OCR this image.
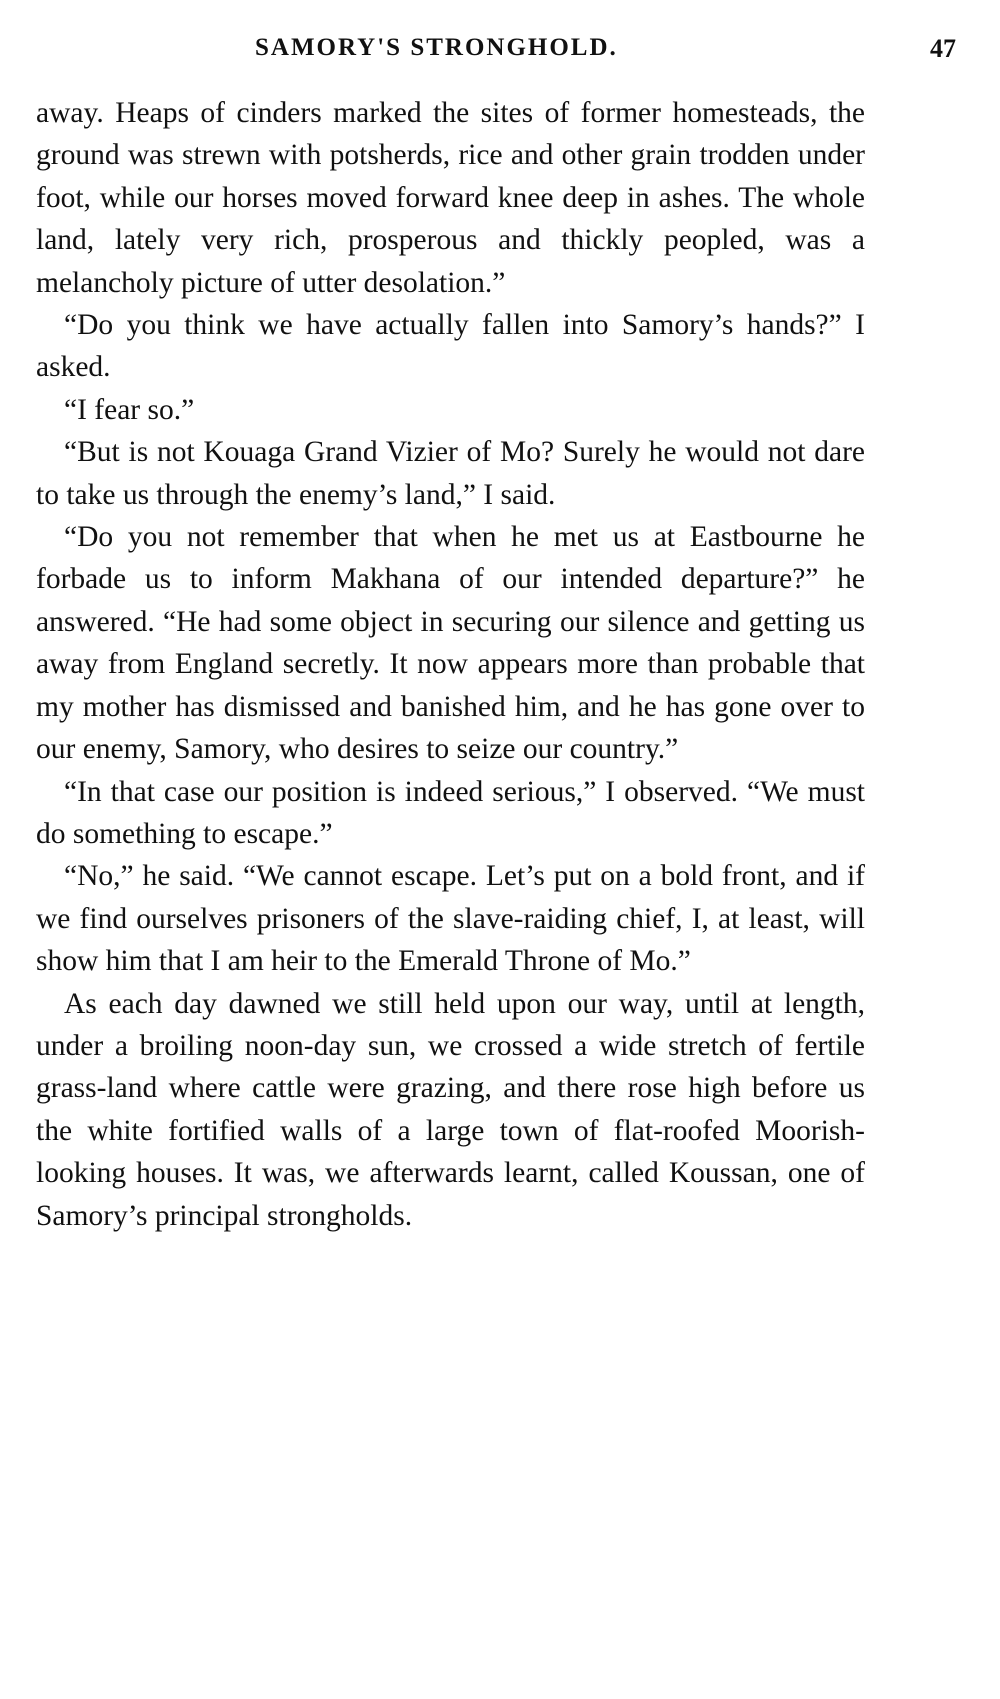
SAMORY'S STRONGHOLD.	47

away. Heaps of cinders marked the sites of former homesteads, the ground was strewn with potsherds, rice and other grain trodden under foot, while our horses moved forward knee deep in ashes. The whole land, lately very rich, prosperous and thickly peopled, was a melancholy picture of utter desolation.”

“Do you think we have actually fallen into Samory’s hands?” I asked.

“I fear so.”

“But is not Kouaga Grand Vizier of Mo? Surely he would not dare to take us through the enemy’s land,” I said.

“Do you not remember that when he met us at Eastbourne he forbade us to inform Makhana of our intended departure?” he answered. “He had some object in securing our silence and getting us away from England secretly. It now appears more than probable that my mother has dismissed and banished him, and he has gone over to our enemy, Samory, who desires to seize our country.”

“In that case our position is indeed serious,” I observed. “We must do something to escape.”

“No,” he said. “We cannot escape. Let’s put on a bold front, and if we find ourselves prisoners of the slave-raiding chief, I, at least, will show him that I am heir to the Emerald Throne of Mo.”

As each day dawned we still held upon our way, until at length, under a broiling noon-day sun, we crossed a wide stretch of fertile grass-land where cattle were grazing, and there rose high before us the white fortified walls of a large town of flat-roofed Moorish-looking houses. It was, we afterwards learnt, called Koussan, one of Samory’s principal strongholds.
